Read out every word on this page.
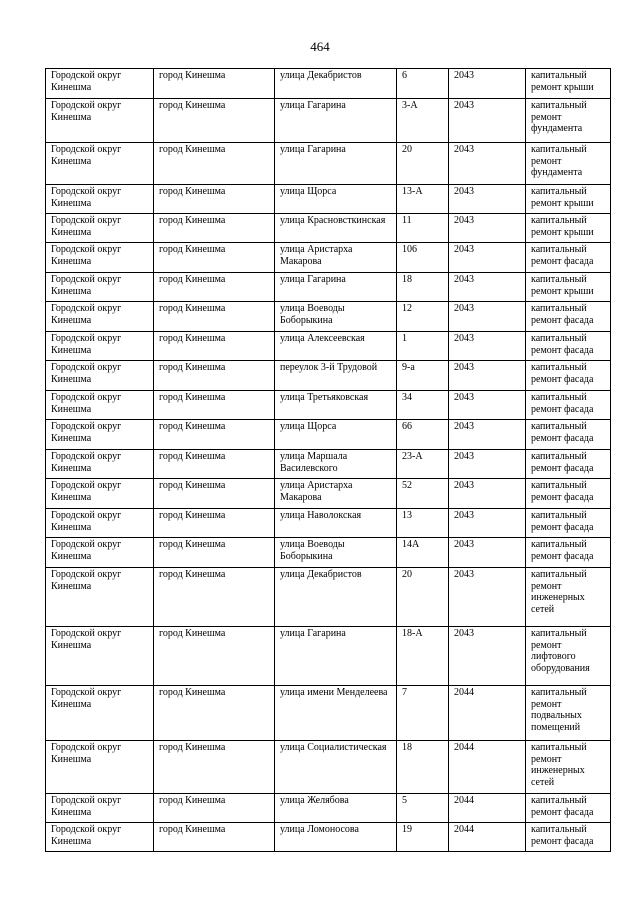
464
Городской округ Кинешма	город Кинешма	улица Декабристов	6	2043	капитальный ремонт крыши
Городской округ Кинешма	город Кинешма	улица Гагарина	3-А	2043	капитальный ремонт фундамента
Городской округ Кинешма	город Кинешма	улица Гагарина	20	2043	капитальный ремонт фундамента
Городской округ Кинешма	город Кинешма	улица Щорса	13-А	2043	капитальный ремонт крыши
Городской округ Кинешма	город Кинешма	улица Красновсткинская	11	2043	капитальный ремонт крыши
Городской округ Кинешма	город Кинешма	улица Аристарха Макарова	106	2043	капитальный ремонт фасада
Городской округ Кинешма	город Кинешма	улица Гагарина	18	2043	капитальный ремонт крыши
Городской округ Кинешма	город Кинешма	улица Воеводы Боборыкина	12	2043	капитальный ремонт фасада
Городской округ Кинешма	город Кинешма	улица Алексеевская	1	2043	капитальный ремонт фасада
Городской округ Кинешма	город Кинешма	переулок 3-й Трудовой	9-а	2043	капитальный ремонт фасада
Городской округ Кинешма	город Кинешма	улица Третьяковская	34	2043	капитальный ремонт фасада
Городской округ Кинешма	город Кинешма	улица Щорса	66	2043	капитальный ремонт фасада
Городской округ Кинешма	город Кинешма	улица Маршала Василевского	23-А	2043	капитальный ремонт фасада
Городской округ Кинешма	город Кинешма	улица Аристарха Макарова	52	2043	капитальный ремонт фасада
Городской округ Кинешма	город Кинешма	улица Наволокская	13	2043	капитальный ремонт фасада
Городской округ Кинешма	город Кинешма	улица Воеводы Боборыкина	14А	2043	капитальный ремонт фасада
Городской округ Кинешма	город Кинешма	улица Декабристов	20	2043	капитальный ремонт инженерных сетей
Городской округ Кинешма	город Кинешма	улица Гагарина	18-А	2043	капитальный ремонт лифтового оборудования
Городской округ Кинешма	город Кинешма	улица имени Менделеева	7	2044	капитальный ремонт подвальных помещений
Городской округ Кинешма	город Кинешма	улица Социалистическая	18	2044	капитальный ремонт инженерных сетей
Городской округ Кинешма	город Кинешма	улица Желябова	5	2044	капитальный ремонт фасада
Городской округ Кинешма	город Кинешма	улица Ломоносова	19	2044	капитальный ремонт фасада
